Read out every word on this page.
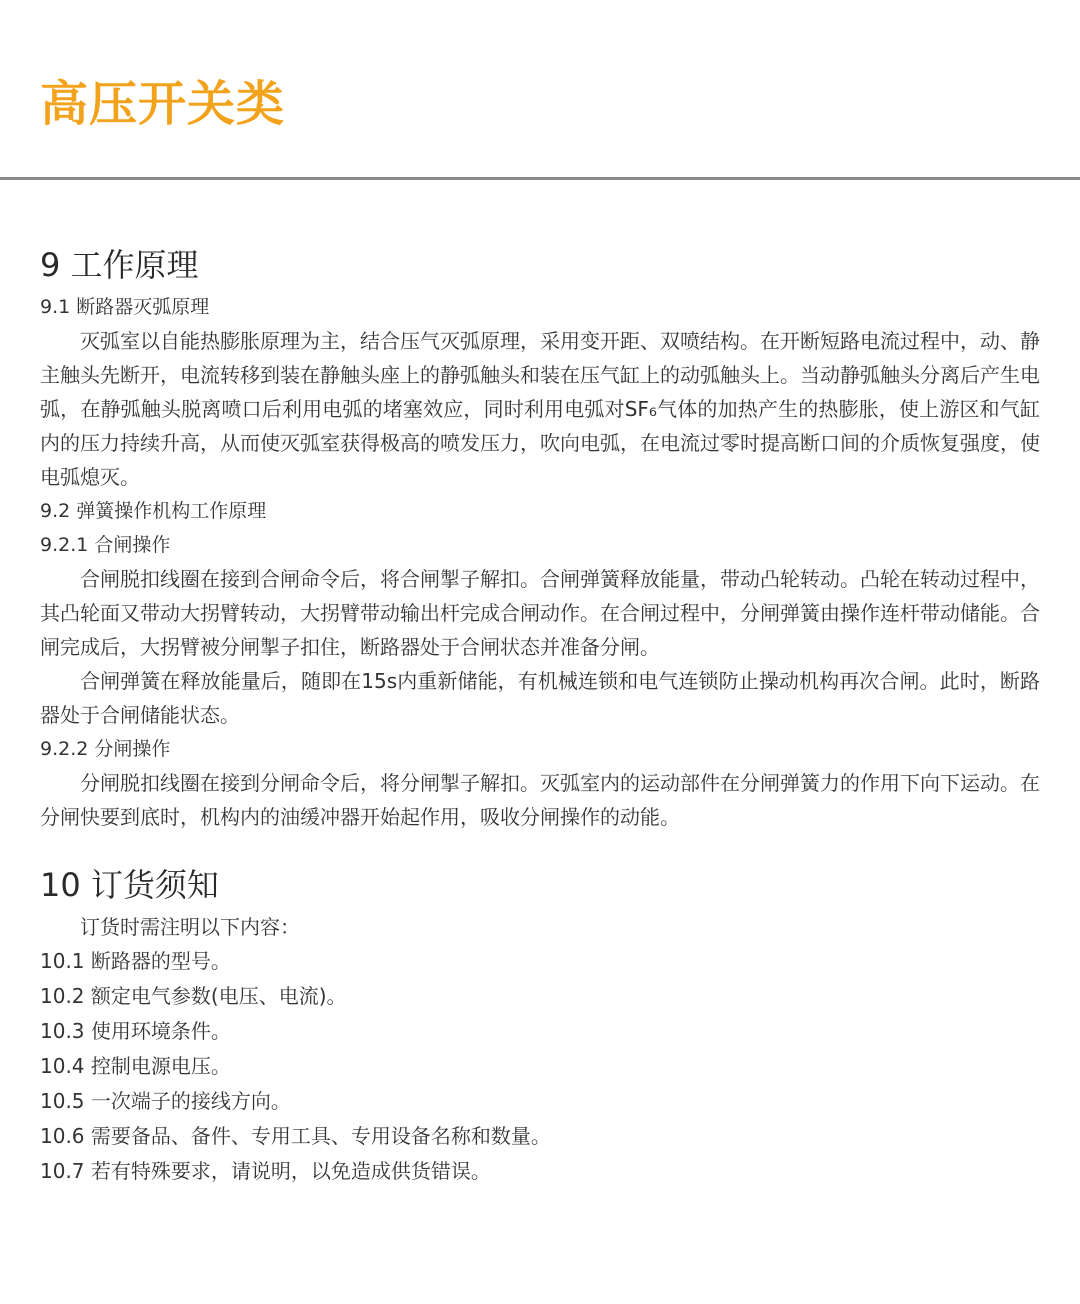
高压开关类
9 工作原理
9.1 断路器灭弧原理

灭弧室以自能热膨胀原理为主，结合压气灭弧原理，采用变开距、双喷结构。在开断短路电流过程中，动、静主触头先断开，电流转移到装在静触头座上的静弧触头和装在压气缸上的动弧触头上。当动静弧触头分离后产生电弧，在静弧触头脱离喷口后利用电弧的堵塞效应，同时利用电弧对SF₆气体的加热产生的热膨胀，使上游区和气缸内的压力持续升高，从而使灭弧室获得极高的喷发压力，吹向电弧，在电流过零时提高断口间的介质恢复强度，使电弧熄灭。

9.2 弹簧操作机构工作原理
9.2.1 合闸操作

合闸脱扣线圈在接到合闸命令后，将合闸掣子解扣。合闸弹簧释放能量，带动凸轮转动。凸轮在转动过程中，其凸轮面又带动大拐臂转动，大拐臂带动输出杆完成合闸动作。在合闸过程中，分闸弹簧由操作连杆带动储能。合闸完成后，大拐臂被分闸掣子扣住，断路器处于合闸状态并准备分闸。

合闸弹簧在释放能量后，随即在15s内重新储能，有机械连锁和电气连锁防止操动机构再次合闸。此时，断路器处于合闸储能状态。

9.2.2 分闸操作

分闸脱扣线圈在接到分闸命令后，将分闸掣子解扣。灭弧室内的运动部件在分闸弹簧力的作用下向下运动。在分闸快要到底时，机构内的油缓冲器开始起作用，吸收分闸操作的动能。

10 订货须知

订货时需注明以下内容：

10.1 断路器的型号。
10.2 额定电气参数(电压、电流)。
10.3 使用环境条件。
10.4 控制电源电压。
10.5 一次端子的接线方向。
10.6 需要备品、备件、专用工具、专用设备名称和数量。
10.7 若有特殊要求，请说明，以免造成供货错误。
